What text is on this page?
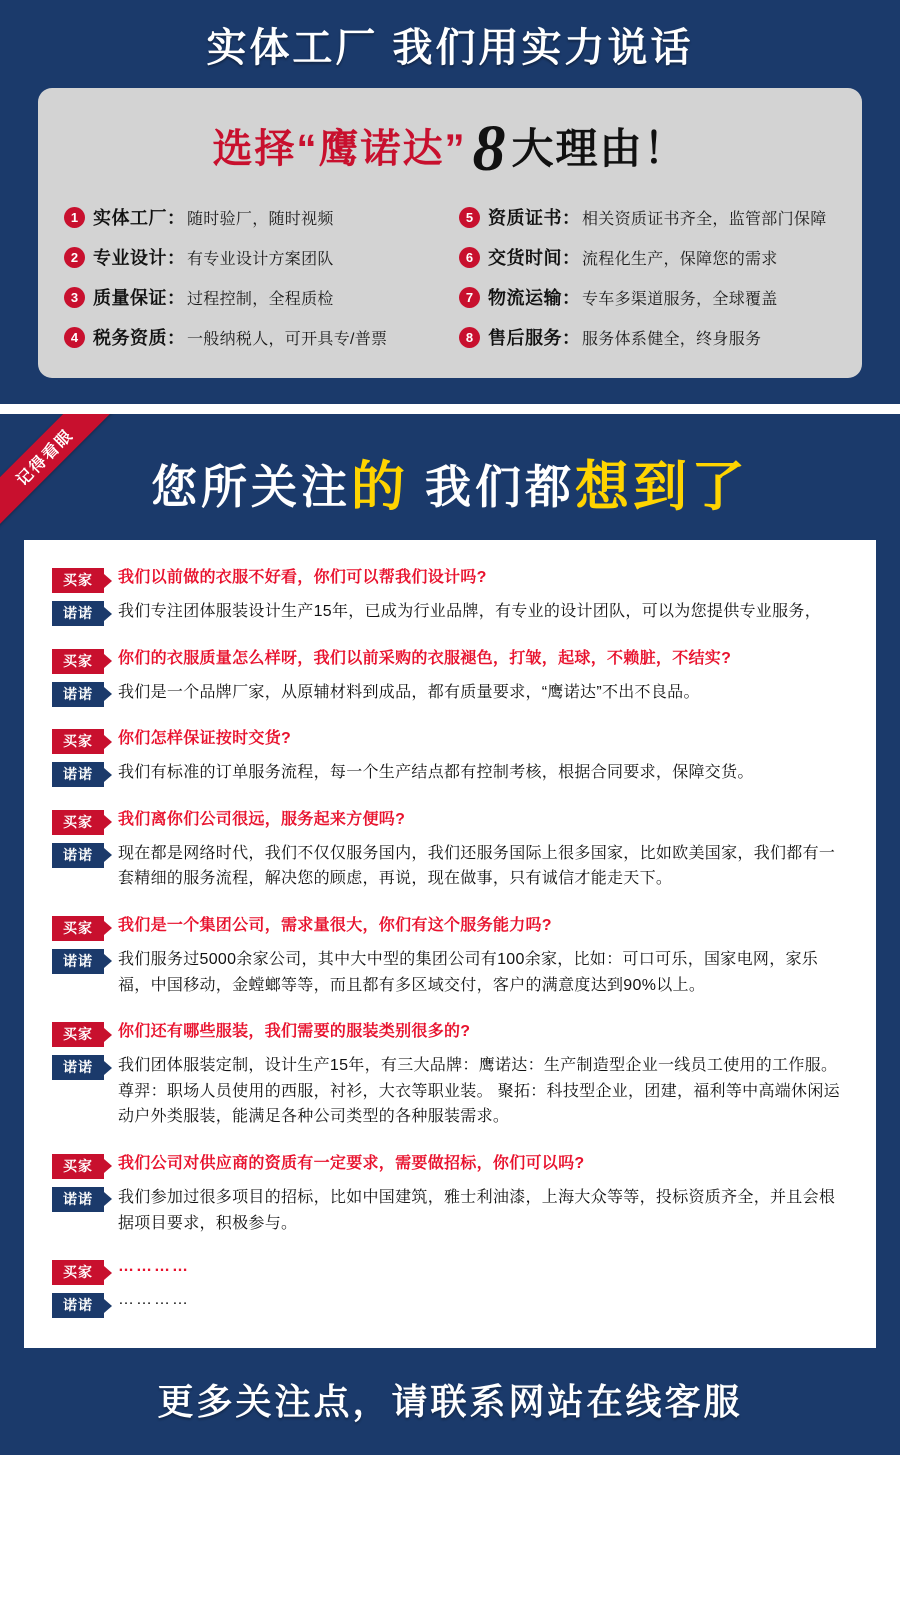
实体工厂 我们用实力说话
选择“鹰诺达”8 大理由！
1 实体工厂 ： 随时验厂，随时视频	5 资质证书 ： 相关资质证书齐全，监管部门保障
2 专业设计 ： 有专业设计方案团队	6 交货时间 ： 流程化生产，保障您的需求
3 质量保证 ： 过程控制，全程质检	7 物流运输 ： 专车多渠道服务，全球覆盖
4 税务资质 ： 一般纳税人，可开具专/普票	8 售后服务 ： 服务体系健全，终身服务
记得看眼	您所关注的 我们都想到了
买家	我们以前做的衣服不好看，你们可以帮我们设计吗?
诺诺	我们专注团体服装设计生产15年，已成为行业品牌，有专业的设计团队，可以为您提供专业服务，
买家	你们的衣服质量怎么样呀，我们以前采购的衣服褪色，打皱，起球，不赖脏，不结实?
诺诺	我们是一个品牌厂家，从原辅材料到成品，都有质量要求，“鹰诺达”不出不良品。
买家	你们怎样保证按时交货?
诺诺	我们有标准的订单服务流程，每一个生产结点都有控制考核，根据合同要求，保障交货。
买家	我们离你们公司很远，服务起来方便吗?
诺诺	现在都是网络时代，我们不仅仅服务国内，我们还服务国际上很多国家，比如欧美国家，我们都有一套精细的服务流程，解决您的顾虑，再说，现在做事，只有诚信才能走天下。
买家	我们是一个集团公司，需求量很大，你们有这个服务能力吗?
诺诺	我们服务过5000余家公司，其中大中型的集团公司有100余家，比如：可口可乐，国家电网，家乐福，中国移动，金螳螂等等，而且都有多区域交付，客户的满意度达到90%以上。
买家	你们还有哪些服装，我们需要的服装类别很多的?
诺诺	我们团体服装定制，设计生产15年，有三大品牌：鹰诺达：生产制造型企业一线员工使用的工作服。尊羿：职场人员使用的西服，衬衫，大衣等职业装。 聚拓：科技型企业，团建，福利等中高端休闲运动户外类服装，能满足各种公司类型的各种服装需求。
买家	我们公司对供应商的资质有一定要求，需要做招标，你们可以吗?
诺诺	我们参加过很多项目的招标，比如中国建筑，雅士利油漆，上海大众等等，投标资质齐全，并且会根据项目要求，积极参与。
买家	…………
诺诺	…………
更多关注点，请联系网站在线客服
